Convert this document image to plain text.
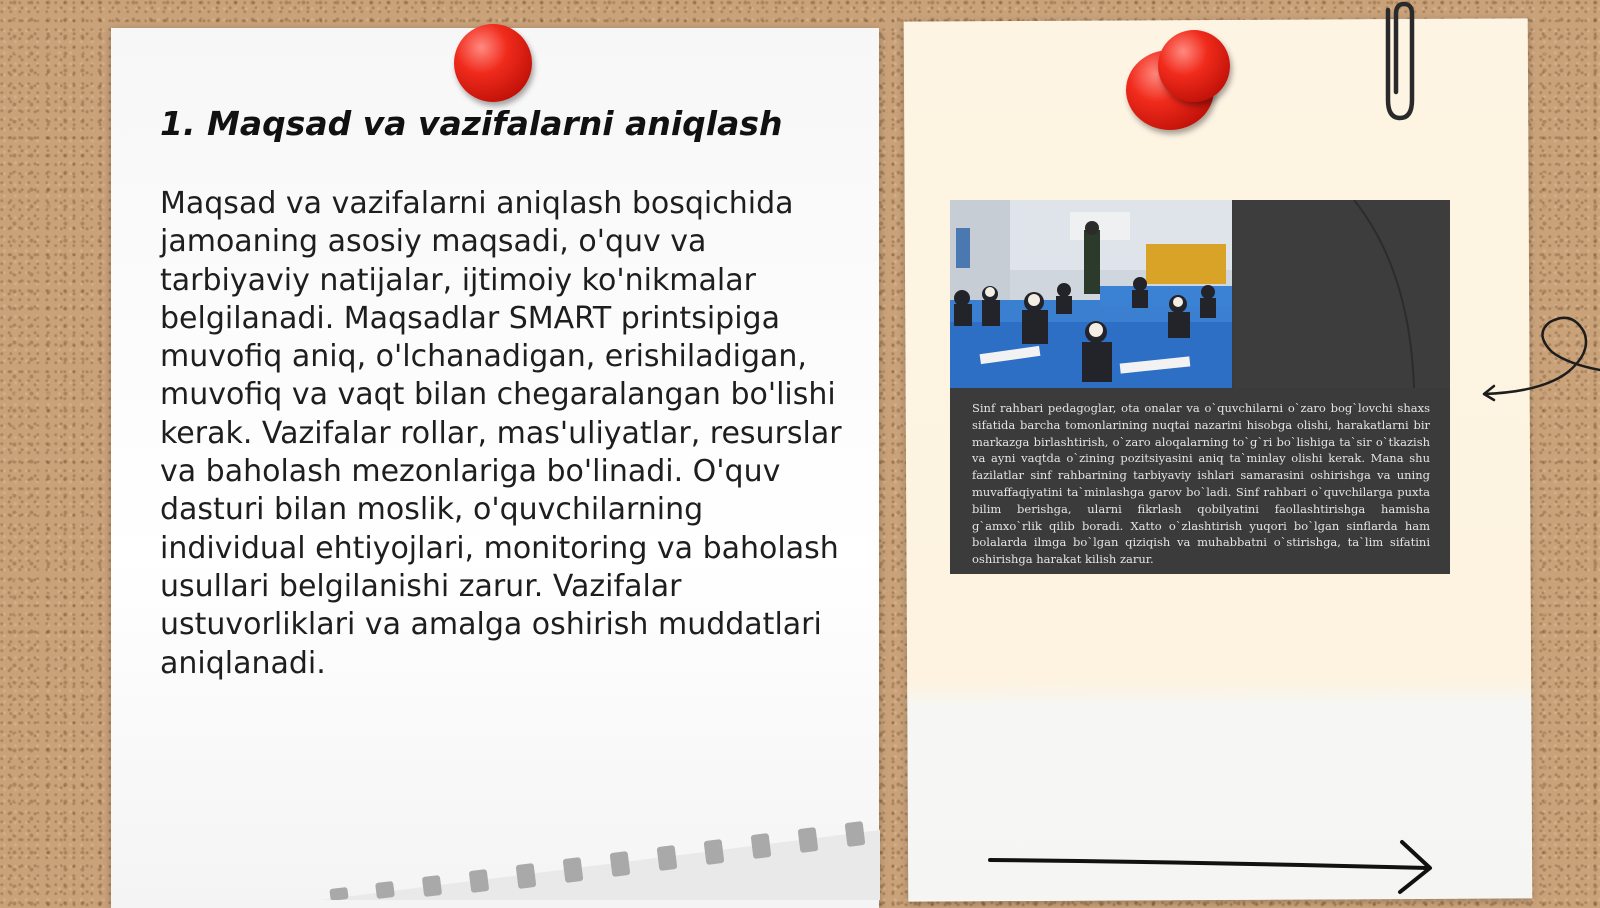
1. Maqsad va vazifalarni aniqlash

Maqsad va vazifalarni aniqlash bosqichida jamoaning asosiy maqsadi, o'quv va tarbiyaviy natijalar, ijtimoiy ko'nikmalar belgilanadi. Maqsadlar SMART printsipiga muvofiq aniq, o'lchanadigan, erishiladigan, muvofiq va vaqt bilan chegaralangan bo'lishi kerak. Vazifalar rollar, mas'uliyatlar, resurslar va baholash mezonlariga bo'linadi. O'quv dasturi bilan moslik, o'quvchilarning individual ehtiyojlari, monitoring va baholash usullari belgilanishi zarur. Vazifalar ustuvorliklari va amalga oshirish muddatlari aniqlanadi.

Sinf rahbari pedagoglar, ota onalar va o`quvchilarni o`zaro bog`lovchi shaxs sifatida barcha tomonlarining nuqtai nazarini hisobga olishi, harakatlarni bir markazga birlashtirish, o`zaro aloqalarning to`g`ri bo`lishiga ta`sir o`tkazish va ayni vaqtda o`zining pozitsiyasini aniq ta`minlay olishi kerak. Mana shu fazilatlar sinf rahbarining tarbiyaviy ishlari samarasini oshirishga va uning muvaffaqiyatini ta`minlashga garov bo`ladi. Sinf rahbari o`quvchilarga puxta bilim berishga, ularni fikrlash qobilyatini faollashtirishga hamisha g`amxo`rlik qilib boradi. Xatto o`zlashtirish yuqori bo`lgan sinflarda ham bolalarda ilmga bo`lgan qiziqish va muhabbatni o`stirishga, ta`lim sifatini oshirishga harakat kilish zarur.
